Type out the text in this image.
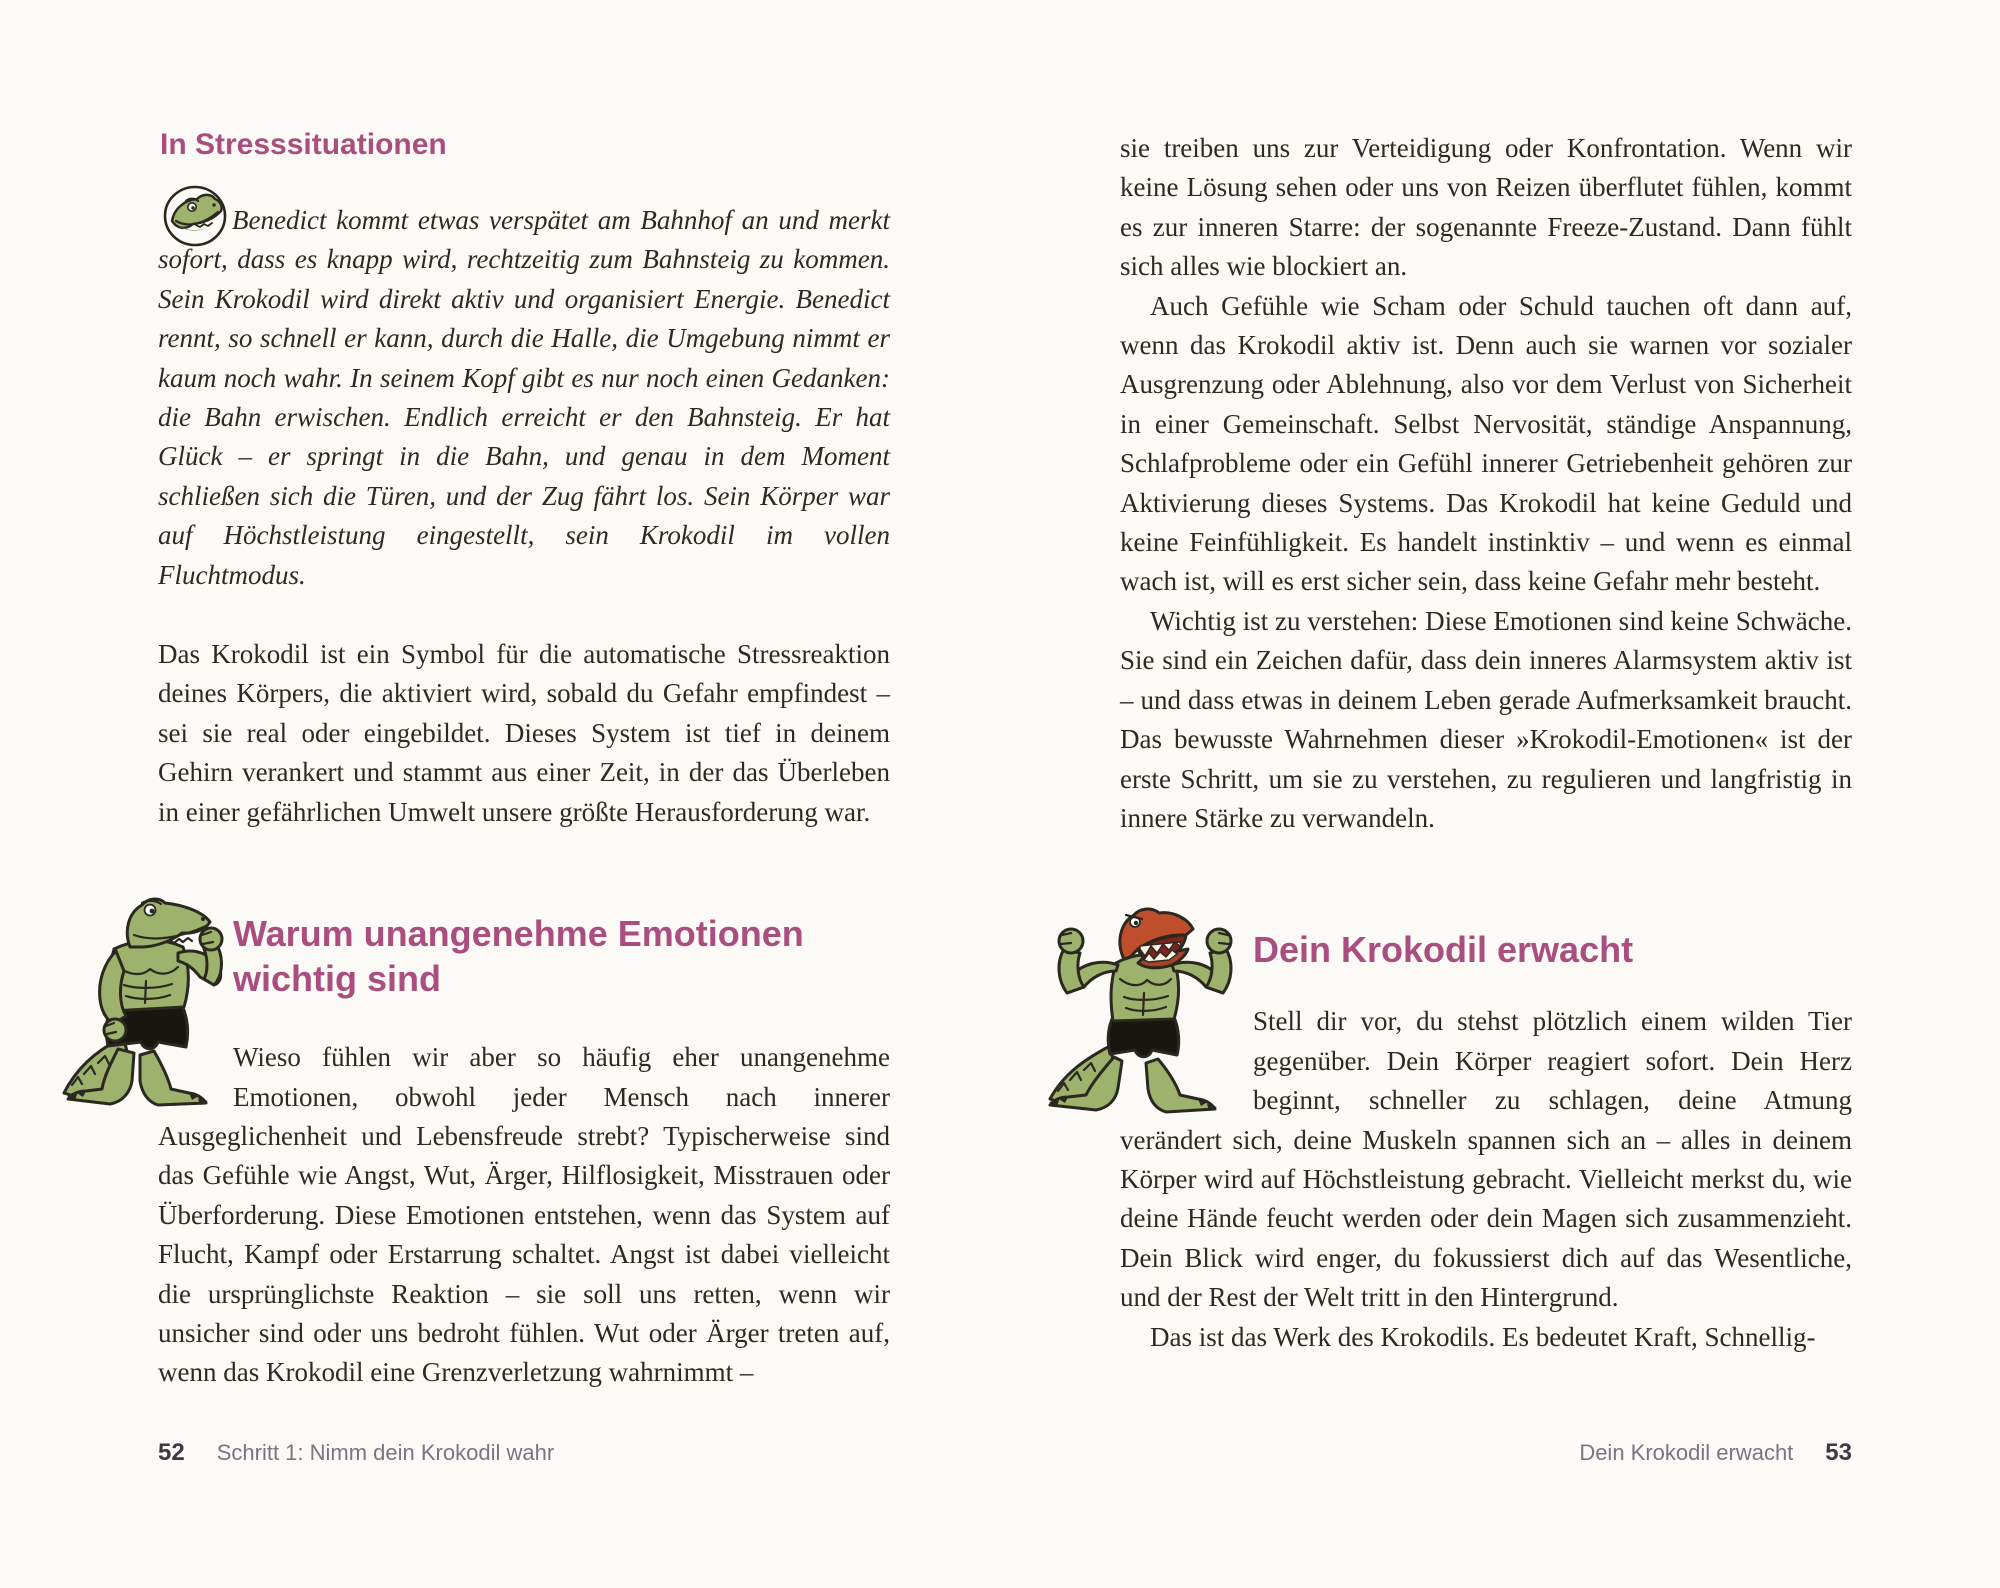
In Stresssituationen

Benedict kommt etwas verspätet am Bahnhof an und merkt sofort, dass es knapp wird, rechtzeitig zum Bahnsteig zu kommen. Sein Krokodil wird direkt aktiv und organisiert Energie. Benedict rennt, so schnell er kann, durch die Halle, die Umgebung nimmt er kaum noch wahr. In seinem Kopf gibt es nur noch einen Gedanken: die Bahn erwischen. Endlich erreicht er den Bahnsteig. Er hat Glück – er springt in die Bahn, und genau in dem Moment schließen sich die Türen, und der Zug fährt los. Sein Körper war auf Höchstleistung eingestellt, sein Krokodil im vollen Fluchtmodus.

Das Krokodil ist ein Symbol für die automatische Stressreaktion deines Körpers, die aktiviert wird, sobald du Gefahr empfindest – sei sie real oder eingebildet. Dieses System ist tief in deinem Gehirn verankert und stammt aus einer Zeit, in der das Überleben in einer gefährlichen Umwelt unsere größte Herausforderung war.

Warum unangenehme Emotionen wichtig sind

Wieso fühlen wir aber so häufig eher unangenehme Emotionen, obwohl jeder Mensch nach innerer Ausgeglichenheit und Lebensfreude strebt? Typischerweise sind das Gefühle wie Angst, Wut, Ärger, Hilflosigkeit, Misstrauen oder Überforderung. Diese Emotionen entstehen, wenn das System auf Flucht, Kampf oder Erstarrung schaltet. Angst ist dabei vielleicht die ursprünglichste Reaktion – sie soll uns retten, wenn wir unsicher sind oder uns bedroht fühlen. Wut oder Ärger treten auf, wenn das Krokodil eine Grenzverletzung wahrnimmt –

sie treiben uns zur Verteidigung oder Konfrontation. Wenn wir keine Lösung sehen oder uns von Reizen überflutet fühlen, kommt es zur inneren Starre: der sogenannte Freeze-Zustand. Dann fühlt sich alles wie blockiert an.

Auch Gefühle wie Scham oder Schuld tauchen oft dann auf, wenn das Krokodil aktiv ist. Denn auch sie warnen vor sozialer Ausgrenzung oder Ablehnung, also vor dem Verlust von Sicherheit in einer Gemeinschaft. Selbst Nervosität, ständige Anspannung, Schlafprobleme oder ein Gefühl innerer Getriebenheit gehören zur Aktivierung dieses Systems. Das Krokodil hat keine Geduld und keine Feinfühligkeit. Es handelt instinktiv – und wenn es einmal wach ist, will es erst sicher sein, dass keine Gefahr mehr besteht.

Wichtig ist zu verstehen: Diese Emotionen sind keine Schwäche. Sie sind ein Zeichen dafür, dass dein inneres Alarmsystem aktiv ist – und dass etwas in deinem Leben gerade Aufmerksamkeit braucht. Das bewusste Wahrnehmen dieser »Krokodil-Emotionen« ist der erste Schritt, um sie zu verstehen, zu regulieren und langfristig in innere Stärke zu verwandeln.

Dein Krokodil erwacht

Stell dir vor, du stehst plötzlich einem wilden Tier gegenüber. Dein Körper reagiert sofort. Dein Herz beginnt, schneller zu schlagen, deine Atmung verändert sich, deine Muskeln spannen sich an – alles in deinem Körper wird auf Höchstleistung gebracht. Vielleicht merkst du, wie deine Hände feucht werden oder dein Magen sich zusammenzieht. Dein Blick wird enger, du fokussierst dich auf das Wesentliche, und der Rest der Welt tritt in den Hintergrund.

Das ist das Werk des Krokodils. Es bedeutet Kraft, Schnellig-

52 Schritt 1: Nimm dein Krokodil wahr	Dein Krokodil erwacht 53
